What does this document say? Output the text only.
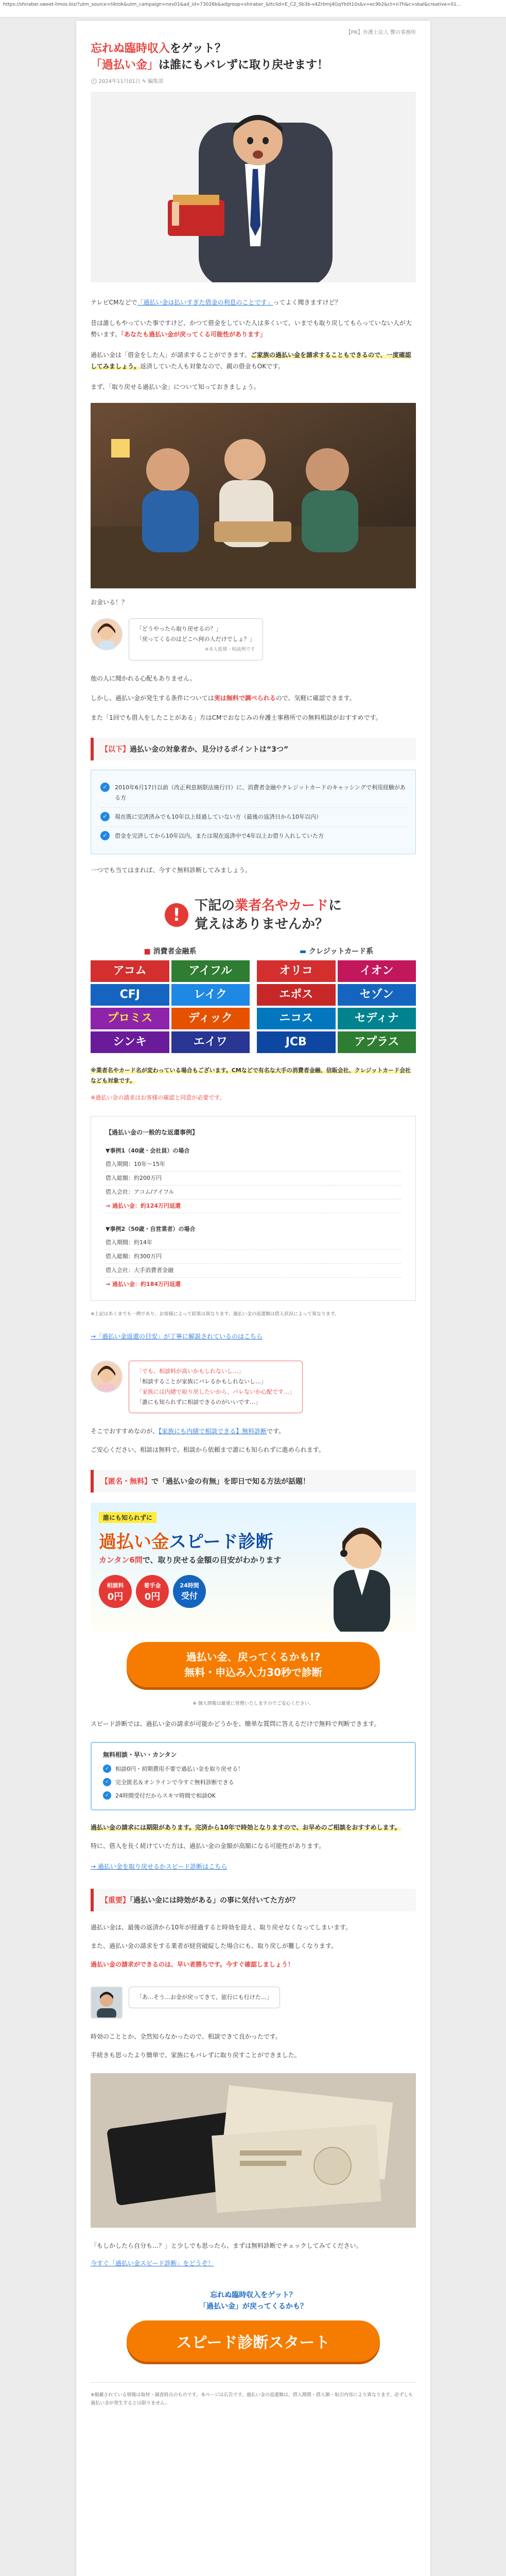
https://shiraber.sweet-limos.biz/?utm_source=tiktok&utm_campaign=nov01&ad_id=73026b&adgroup=shiraber_&ttclid=E_C2_Sb3b-v4Zrbmj4GqYb0t10s&v=ec9b2&ct=n7h&c=sbal&creative=01...
【PR】弁護士法人 響の事務所
忘れぬ臨時収入をゲット？
「過払い金」は誰にもバレずに取り戻せます！
🕘 2024年11月01日 ✎ 編集部

テレビCMなどで「過払い金は払いすぎた借金の利息のことです」ってよく聞きますけど？

昔は誰しもやっていた事ですけど、かつて借金をしていた人は多くいて、いまでも取り戻してもらっていない人が大勢います。「あなたも過払い金が戻ってくる可能性があります」

過払い金は「借金をした人」が請求することができます。ご家族の過払い金を請求することもできるので、一度確認してみましょう。返済していた人も対象なので、親の借金もOKです。

まず、「取り戻せる過払い金」について知っておきましょう。

お金いる！？

「どうやったら取り戻せるの？」
「戻ってくるのはどこへ何の人だけでしょ？」
※本人監修・相談例です

他の人に聞かれる心配もありません。

しかし、過払い金が発生する条件については実は無料で調べられるので、気軽に確認できます。

また「1回でも借入をしたことがある」方はCMでおなじみの弁護士事務所での無料相談がおすすめです。

【以下】過払い金の対象者か、見分けるポイントは“3つ”
✓	2010年6月17日以前（改正利息制限法施行日）に、消費者金融やクレジットカードのキャッシングで利用経験がある方
✓	現在既に完済済みでも10年以上経過していない方（最後の返済日から10年以内）
✓	借金を完済してから10年以内、または現在返済中で4年以上お借り入れしていた方

一つでも当てはまれば、今すぐ無料診断してみましょう。

!	下記の業者名やカードに
覚えはありませんか？
■ 消費者金融系
アコム	アイフル
CFJ	レイク
プロミス	ディック
シンキ	エイワ
▬ クレジットカード系
オリコ	イオン
エポス	セゾン
ニコス	セディナ
JCB	アプラス

※業者名やカード名が変わっている場合もございます。CMなどで有名な大手の消費者金融、信販会社、クレジットカード会社なども対象です。

※過払い金の請求はお客様の確認と同意が必要です。

【過払い金の一般的な返還事例】
▼事例1（40歳・会社員）の場合
借入期間：10年〜15年
借入総額：約200万円
借入会社：アコム/アイフル
→ 過払い金：約124万円返還
▼事例2（50歳・自営業者）の場合
借入期間：約14年
借入総額：約300万円
借入会社：大手消費者金融
→ 過払い金：約184万円返還

※上記はあくまでも一例であり、お客様によって結果は異なります。過払い金の返還額は借入状況によって異なります。

→「過払い金返還の目安」が丁寧に解説されているのはこちら

「でも、相談料が高いかもしれないし…」
「相談することが家族にバレるかもしれないし…」
「家族には内緒で取り戻したいから、バレないか心配です…」
「誰にも知られずに相談できるのがいいです…」

そこでおすすめなのが、【家族にも内緒で相談できる】無料診断です。

ご安心ください、相談は無料で、相談から依頼まで誰にも知られずに進められます。

【匿名・無料】で「過払い金の有無」を即日で知る方法が話題！
誰にも知られずに
過払い金スピード診断
カンタン6問で、取り戻せる金額の目安がわかります
相談料
0円
着手金
0円
24時間
受付
過払い金、戻ってくるかも!?
無料・申込み入力30秒で診断

※ 個人情報は厳重に管理いたしますのでご安心ください。

スピード診断では、過払い金の請求が可能かどうかを、簡単な質問に答えるだけで無料で判断できます。

無料相談・早い・カンタン
✓	相談0円・初期費用不要で過払い金を取り戻せる！
✓	完全匿名＆オンラインで今すぐ無料診断できる
✓	24時間受付だからスキマ時間で相談OK

過払い金の請求には期限があります。完済から10年で時効となりますので、お早めのご相談をおすすめします。

特に、借入を長く続けていた方は、過払い金の金額が高額になる可能性があります。

→ 過払い金を取り戻せるかスピード診断はこちら

【重要】「過払い金には時効がある」の事に気付いてた方が？

過払い金は、最後の返済から10年が経過すると時効を迎え、取り戻せなくなってしまいます。

また、過払い金の請求をする業者が経営破綻した場合にも、取り戻しが難しくなります。

過払い金の請求ができるのは、早い者勝ちです。今すぐ確認しましょう！

「あ…そう…お金が戻ってきて、旅行にも行けた…」

時効のこととか、全然知らなかったので、相談できて良かったです。

手続きも思ったより簡単で、家族にもバレずに取り戻すことができました。

「もしかしたら自分も…？」と少しでも思ったら、まずは無料診断でチェックしてみてください。

今すぐ「過払い金スピード診断」をどうぞ！

忘れぬ臨時収入をゲット？
「過払い金」が戻ってくるかも？
スピード診断スタート

※掲載されている情報は取材・調査時点のものです。本ページは広告です。過払い金の返還額は、借入期間・借入額・取引内容により異なります。必ずしも過払い金が発生するとは限りません。
